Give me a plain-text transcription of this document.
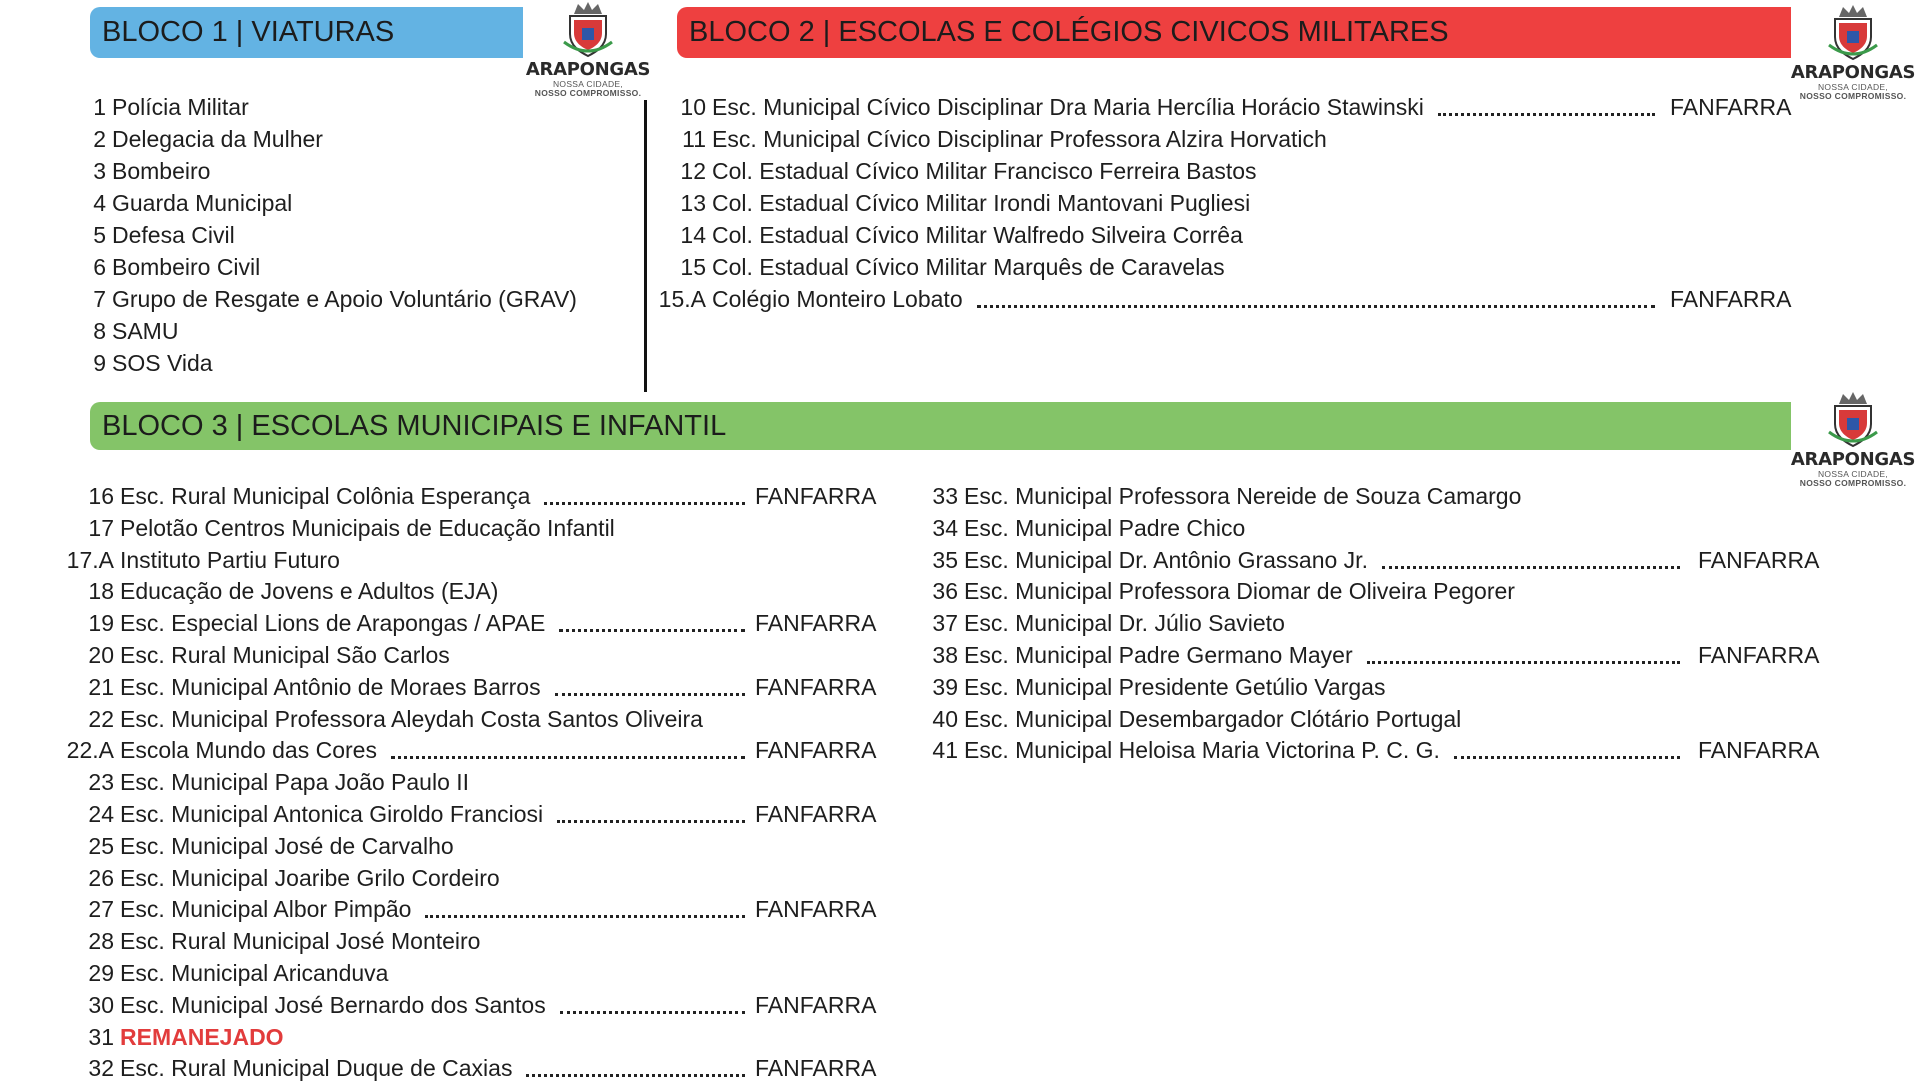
BLOCO 1 | VIATURAS	BLOCO 2 | ESCOLAS E COLÉGIOS CIVICOS MILITARES
BLOCO 3 | ESCOLAS MUNICIPAIS E INFANTIL
ARAPONGAS
NOSSA CIDADE,
NOSSO COMPROMISSO.
ARAPONGAS
NOSSA CIDADE,
NOSSO COMPROMISSO.
ARAPONGAS
NOSSA CIDADE,
NOSSO COMPROMISSO.
1 Polícia Militar
2 Delegacia da Mulher
3 Bombeiro
4 Guarda Municipal
5 Defesa Civil
6 Bombeiro Civil
7 Grupo de Resgate e Apoio Voluntário (GRAV)
8 SAMU
9 SOS Vida
10 Esc. Municipal Cívico Disciplinar Dra Maria Hercília Horácio Stawinski	FANFARRA
11 Esc. Municipal Cívico Disciplinar Professora Alzira Horvatich
12 Col. Estadual Cívico Militar Francisco Ferreira Bastos
13 Col. Estadual Cívico Militar Irondi Mantovani Pugliesi
14 Col. Estadual Cívico Militar Walfredo Silveira Corrêa
15 Col. Estadual Cívico Militar Marquês de Caravelas
15.A Colégio Monteiro Lobato	FANFARRA
16 Esc. Rural Municipal Colônia Esperança	FANFARRA
17 Pelotão Centros Municipais de Educação Infantil
17.A Instituto Partiu Futuro
18 Educação de Jovens e Adultos (EJA)
19 Esc. Especial Lions de Arapongas / APAE	FANFARRA
20 Esc. Rural Municipal São Carlos
21 Esc. Municipal Antônio de Moraes Barros	FANFARRA
22 Esc. Municipal Professora Aleydah Costa Santos Oliveira
22.A Escola Mundo das Cores	FANFARRA
23 Esc. Municipal Papa João Paulo II
24 Esc. Municipal Antonica Giroldo Franciosi	FANFARRA
25 Esc. Municipal José de Carvalho
26 Esc. Municipal Joaribe Grilo Cordeiro
27 Esc. Municipal Albor Pimpão	FANFARRA
28 Esc. Rural Municipal José Monteiro
29 Esc. Municipal Aricanduva
30 Esc. Municipal José Bernardo dos Santos	FANFARRA
31 REMANEJADO
32 Esc. Rural Municipal Duque de Caxias	FANFARRA
33 Esc. Municipal Professora Nereide de Souza Camargo
34 Esc. Municipal Padre Chico
35 Esc. Municipal Dr. Antônio Grassano Jr.	FANFARRA
36 Esc. Municipal Professora Diomar de Oliveira Pegorer
37 Esc. Municipal Dr. Júlio Savieto
38 Esc. Municipal Padre Germano Mayer	FANFARRA
39 Esc. Municipal Presidente Getúlio Vargas
40 Esc. Municipal Desembargador Clótário Portugal
41 Esc. Municipal Heloisa Maria Victorina P. C. G.	FANFARRA
